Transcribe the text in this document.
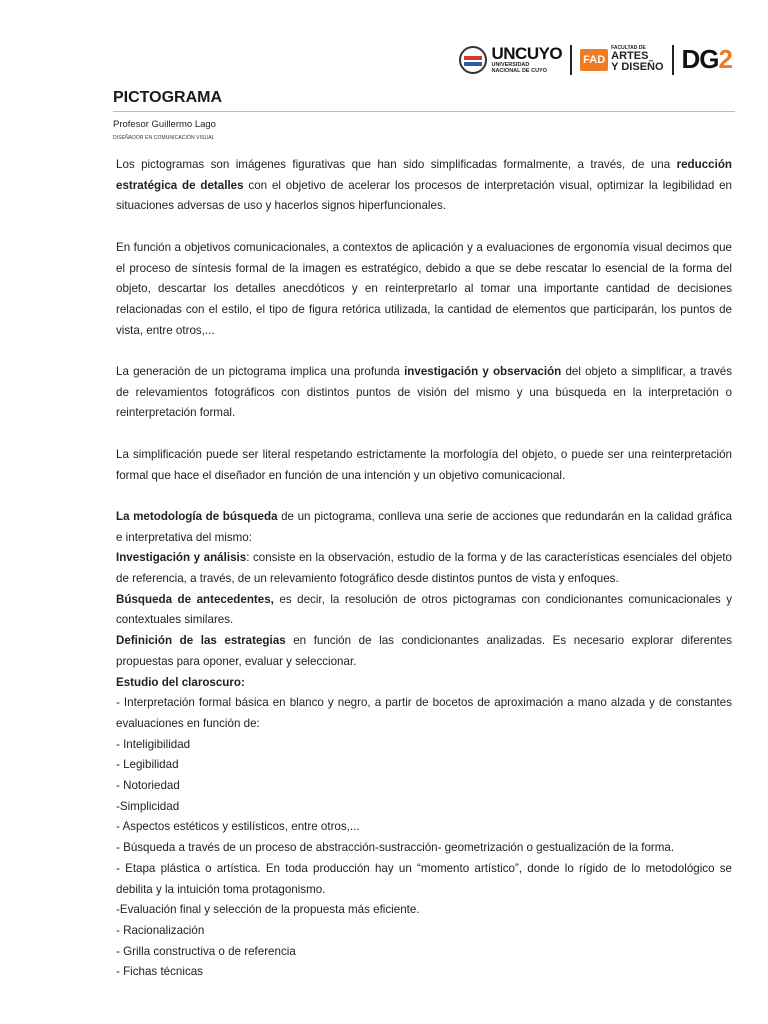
UNCUYO
UNIVERSIDAD
NACIONAL DE CUYO
FAD
FACULTAD DE
ARTES
Y DISEÑO DG2
PICTOGRAMA

Profesor Guillermo Lago

DISEÑADOR EN COMUNICACIÓN VISUAL

Los pictogramas son imágenes figurativas que han sido simplificadas formalmente, a través, de una reducción estratégica de detalles con el objetivo de acelerar los procesos de interpretación visual, optimizar la legibilidad en situaciones adversas de uso y hacerlos signos hiperfuncionales.

En función a objetivos comunicacionales, a contextos de aplicación y a evaluaciones de ergonomía visual decimos que el proceso de síntesis formal de la imagen es estratégico, debido a que se debe rescatar lo esencial de la forma del objeto, descartar los detalles anecdóticos y en reinterpretarlo al tomar una importante cantidad de decisiones relacionadas con el estilo, el tipo de figura retórica utilizada, la cantidad de elementos que participarán, los puntos de vista, entre otros,...

La generación de un pictograma implica una profunda investigación y observación del objeto a simplificar, a través de relevamientos fotográficos con distintos puntos de visión del mismo y una búsqueda en la interpretación o reinterpretación formal.

La simplificación puede ser literal respetando estrictamente la morfología del objeto, o puede ser una reinterpretación formal que hace el diseñador en función de una intención y un objetivo comunicacional.

La metodología de búsqueda de un pictograma, conlleva una serie de acciones que redundarán en la calidad gráfica e interpretativa del mismo:

Investigación y análisis: consiste en la observación, estudio de la forma y de las características esenciales del objeto de referencia, a través, de un relevamiento fotográfico desde distintos puntos de vista y enfoques.

Búsqueda de antecedentes, es decir, la resolución de otros pictogramas con condicionantes comunicacionales y contextuales similares.

Definición de las estrategias en función de las condicionantes analizadas. Es necesario explorar diferentes propuestas para oponer, evaluar y seleccionar.

Estudio del claroscuro:

- Interpretación formal básica en blanco y negro, a partir de bocetos de aproximación a mano alzada y de constantes evaluaciones en función de:

- Inteligibilidad

- Legibilidad

- Notoriedad

-Simplicidad

- Aspectos estéticos y estilísticos, entre otros,...

- Búsqueda a través de un proceso de abstracción-sustracción- geometrización o gestualización de la forma.

- Etapa plástica o artística. En toda producción hay un “momento artístico”, donde lo rígido de lo metodológico se debilita y la intuición toma protagonismo.

-Evaluación final y selección de la propuesta más eficiente.

- Racionalización

- Grilla constructiva o de referencia

- Fichas técnicas
